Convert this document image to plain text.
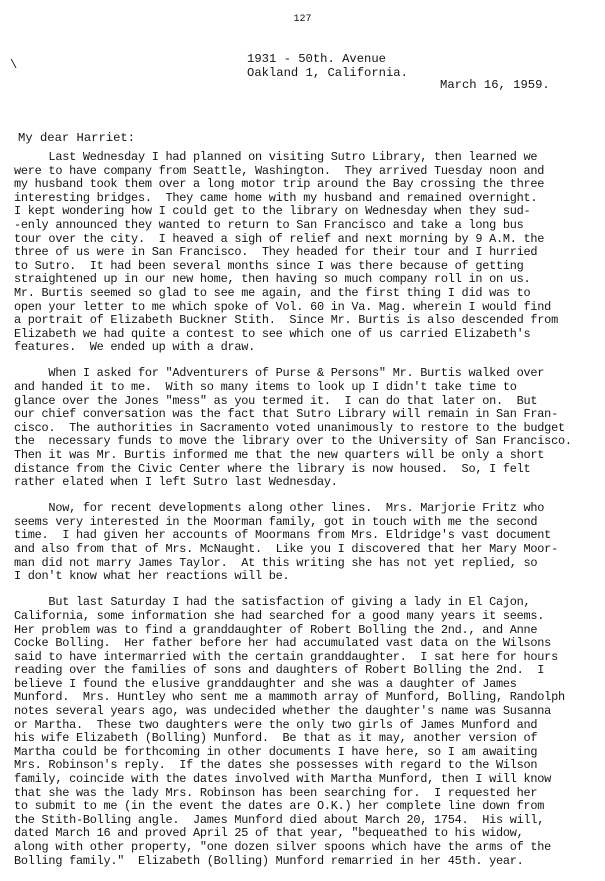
127
\	1931 - 50th. Avenue
Oakland 1, California.
March 16, 1959.
My dear Harriet:
Last Wednesday I had planned on visiting Sutro Library, then learned we
were to have company from Seattle, Washington.  They arrived Tuesday noon and
my husband took them over a long motor trip around the Bay crossing the three
interesting bridges.  They came home with my husband and remained overnight.
I kept wondering how I could get to the library on Wednesday when they sud-
-enly announced they wanted to return to San Francisco and take a long bus
tour over the city.  I heaved a sigh of relief and next morning by 9 A.M. the
three of us were in San Francisco.  They headed for their tour and I hurried
to Sutro.  It had been several months since I was there because of getting
straightened up in our new home, then having so much company roll in on us.
Mr. Burtis seemed so glad to see me again, and the first thing I did was to
open your letter to me which spoke of Vol. 60 in Va. Mag. wherein I would find
a portrait of Elizabeth Buckner Stith.  Since Mr. Burtis is also descended from
Elizabeth we had quite a contest to see which one of us carried Elizabeth's
features.  We ended up with a draw.
When I asked for "Adventurers of Purse & Persons" Mr. Burtis walked over
and handed it to me.  With so many items to look up I didn't take time to
glance over the Jones "mess" as you termed it.  I can do that later on.  But
our chief conversation was the fact that Sutro Library will remain in San Fran-
cisco.  The authorities in Sacramento voted unanimously to restore to the budget
the  necessary funds to move the library over to the University of San Francisco.
Then it was Mr. Burtis informed me that the new quarters will be only a short
distance from the Civic Center where the library is now housed.  So, I felt
rather elated when I left Sutro last Wednesday.
Now, for recent developments along other lines.  Mrs. Marjorie Fritz who
seems very interested in the Moorman family, got in touch with me the second
time.  I had given her accounts of Moormans from Mrs. Eldridge's vast document
and also from that of Mrs. McNaught.  Like you I discovered that her Mary Moor-
man did not marry James Taylor.  At this writing she has not yet replied, so
I don't know what her reactions will be.
But last Saturday I had the satisfaction of giving a lady in El Cajon,
California, some information she had searched for a good many years it seems.
Her problem was to find a granddaughter of Robert Bolling the 2nd., and Anne
Cocke Bolling.  Her father before her had accumulated vast data on the Wilsons
said to have intermarried with the certain granddaughter.  I sat here for hours
reading over the families of sons and daughters of Robert Bolling the 2nd.  I
believe I found the elusive granddaughter and she was a daughter of James
Munford.  Mrs. Huntley who sent me a mammoth array of Munford, Bolling, Randolph
notes several years ago, was undecided whether the daughter's name was Susanna
or Martha.  These two daughters were the only two girls of James Munford and
his wife Elizabeth (Bolling) Munford.  Be that as it may, another version of
Martha could be forthcoming in other documents I have here, so I am awaiting
Mrs. Robinson's reply.  If the dates she possesses with regard to the Wilson
family, coincide with the dates involved with Martha Munford, then I will know
that she was the lady Mrs. Robinson has been searching for.  I requested her
to submit to me (in the event the dates are O.K.) her complete line down from
the Stith-Bolling angle.  James Munford died about March 20, 1754.  His will,
dated March 16 and proved April 25 of that year, "bequeathed to his widow,
along with other property, "one dozen silver spoons which have the arms of the
Bolling family."  Elizabeth (Bolling) Munford remarried in her 45th. year.
